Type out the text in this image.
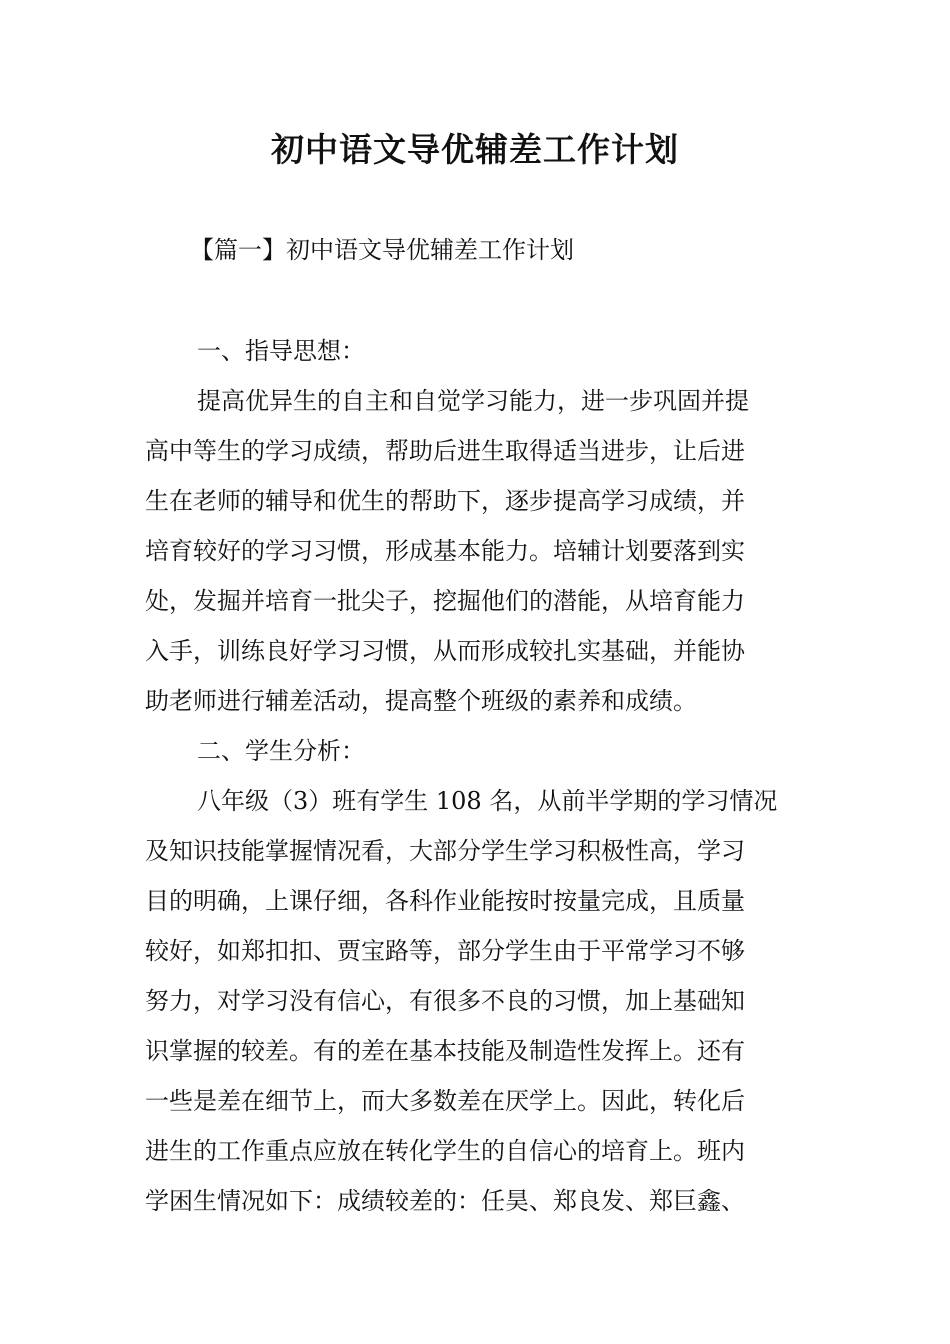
初中语文导优辅差工作计划
【篇一】初中语文导优辅差工作计划
一、指导思想：
提高优异生的自主和自觉学习能力，进一步巩固并提
高中等生的学习成绩，帮助后进生取得适当进步，让后进
生在老师的辅导和优生的帮助下，逐步提高学习成绩，并
培育较好的学习习惯，形成基本能力。培辅计划要落到实
处，发掘并培育一批尖子，挖掘他们的潜能，从培育能力
入手，训练良好学习习惯，从而形成较扎实基础，并能协
助老师进行辅差活动，提高整个班级的素养和成绩。
二、学生分析：
八年级（3）班有学生 108 名，从前半学期的学习情况
及知识技能掌握情况看，大部分学生学习积极性高，学习
目的明确，上课仔细，各科作业能按时按量完成，且质量
较好，如郑扣扣、贾宝路等，部分学生由于平常学习不够
努力，对学习没有信心，有很多不良的习惯，加上基础知
识掌握的较差。有的差在基本技能及制造性发挥上。还有
一些是差在细节上，而大多数差在厌学上。因此，转化后
进生的工作重点应放在转化学生的自信心的培育上。班内
学困生情况如下：成绩较差的：任昊、郑良发、郑巨鑫、
